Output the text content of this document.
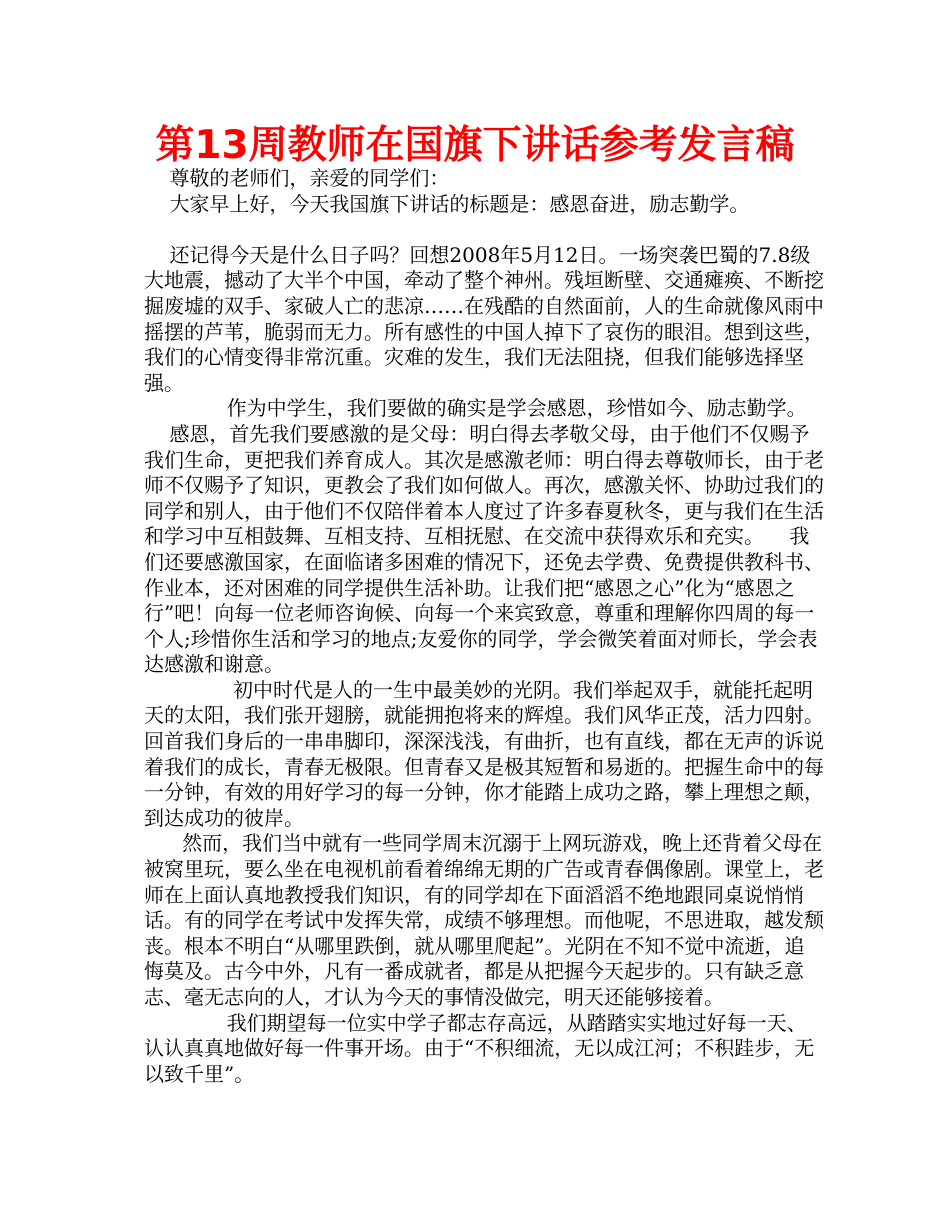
第13周教师在国旗下讲话参考发言稿

尊敬的老师们，亲爱的同学们：

大家早上好，今天我国旗下讲话的标题是：感恩奋进，励志勤学。

还记得今天是什么日子吗？回想2008年5月12日。一场突袭巴蜀的7.8级大地震，撼动了大半个中国，牵动了整个神州。残垣断壁、交通瘫痪、不断挖掘废墟的双手、家破人亡的悲凉……在残酷的自然面前，人的生命就像风雨中摇摆的芦苇，脆弱而无力。所有感性的中国人掉下了哀伤的眼泪。想到这些，我们的心情变得非常沉重。灾难的发生，我们无法阻挠，但我们能够选择坚强。

作为中学生，我们要做的确实是学会感恩，珍惜如今、励志勤学。

感恩，首先我们要感激的是父母：明白得去孝敬父母，由于他们不仅赐予我们生命，更把我们养育成人。其次是感激老师：明白得去尊敬师长，由于老师不仅赐予了知识，更教会了我们如何做人。再次，感激关怀、协助过我们的同学和别人，由于他们不仅陪伴着本人度过了许多春夏秋冬，更与我们在生活和学习中互相鼓舞、互相支持、互相抚慰、在交流中获得欢乐和充实。    我们还要感激国家，在面临诸多困难的情况下，还免去学费、免费提供教科书、作业本，还对困难的同学提供生活补助。让我们把“感恩之心”化为“感恩之行”吧！向每一位老师咨询候、向每一个来宾致意，尊重和理解你四周的每一个人;珍惜你生活和学习的地点;友爱你的同学，学会微笑着面对师长，学会表达感激和谢意。

初中时代是人的一生中最美妙的光阴。我们举起双手，就能托起明天的太阳，我们张开翅膀，就能拥抱将来的辉煌。我们风华正茂，活力四射。回首我们身后的一串串脚印，深深浅浅，有曲折，也有直线，都在无声的诉说着我们的成长，青春无极限。但青春又是极其短暂和易逝的。把握生命中的每一分钟，有效的用好学习的每一分钟，你才能踏上成功之路，攀上理想之颠，到达成功的彼岸。

然而，我们当中就有一些同学周末沉溺于上网玩游戏，晚上还背着父母在被窝里玩，要么坐在电视机前看着绵绵无期的广告或青春偶像剧。课堂上，老师在上面认真地教授我们知识，有的同学却在下面滔滔不绝地跟同桌说悄悄话。有的同学在考试中发挥失常，成绩不够理想。而他呢，不思进取，越发颓丧。根本不明白“从哪里跌倒，就从哪里爬起”。光阴在不知不觉中流逝，追悔莫及。古今中外，凡有一番成就者，都是从把握今天起步的。只有缺乏意志、毫无志向的人，才认为今天的事情没做完，明天还能够接着。

我们期望每一位实中学子都志存高远，从踏踏实实地过好每一天、认认真真地做好每一件事开场。由于“不积细流，无以成江河；不积跬步，无以致千里”。
